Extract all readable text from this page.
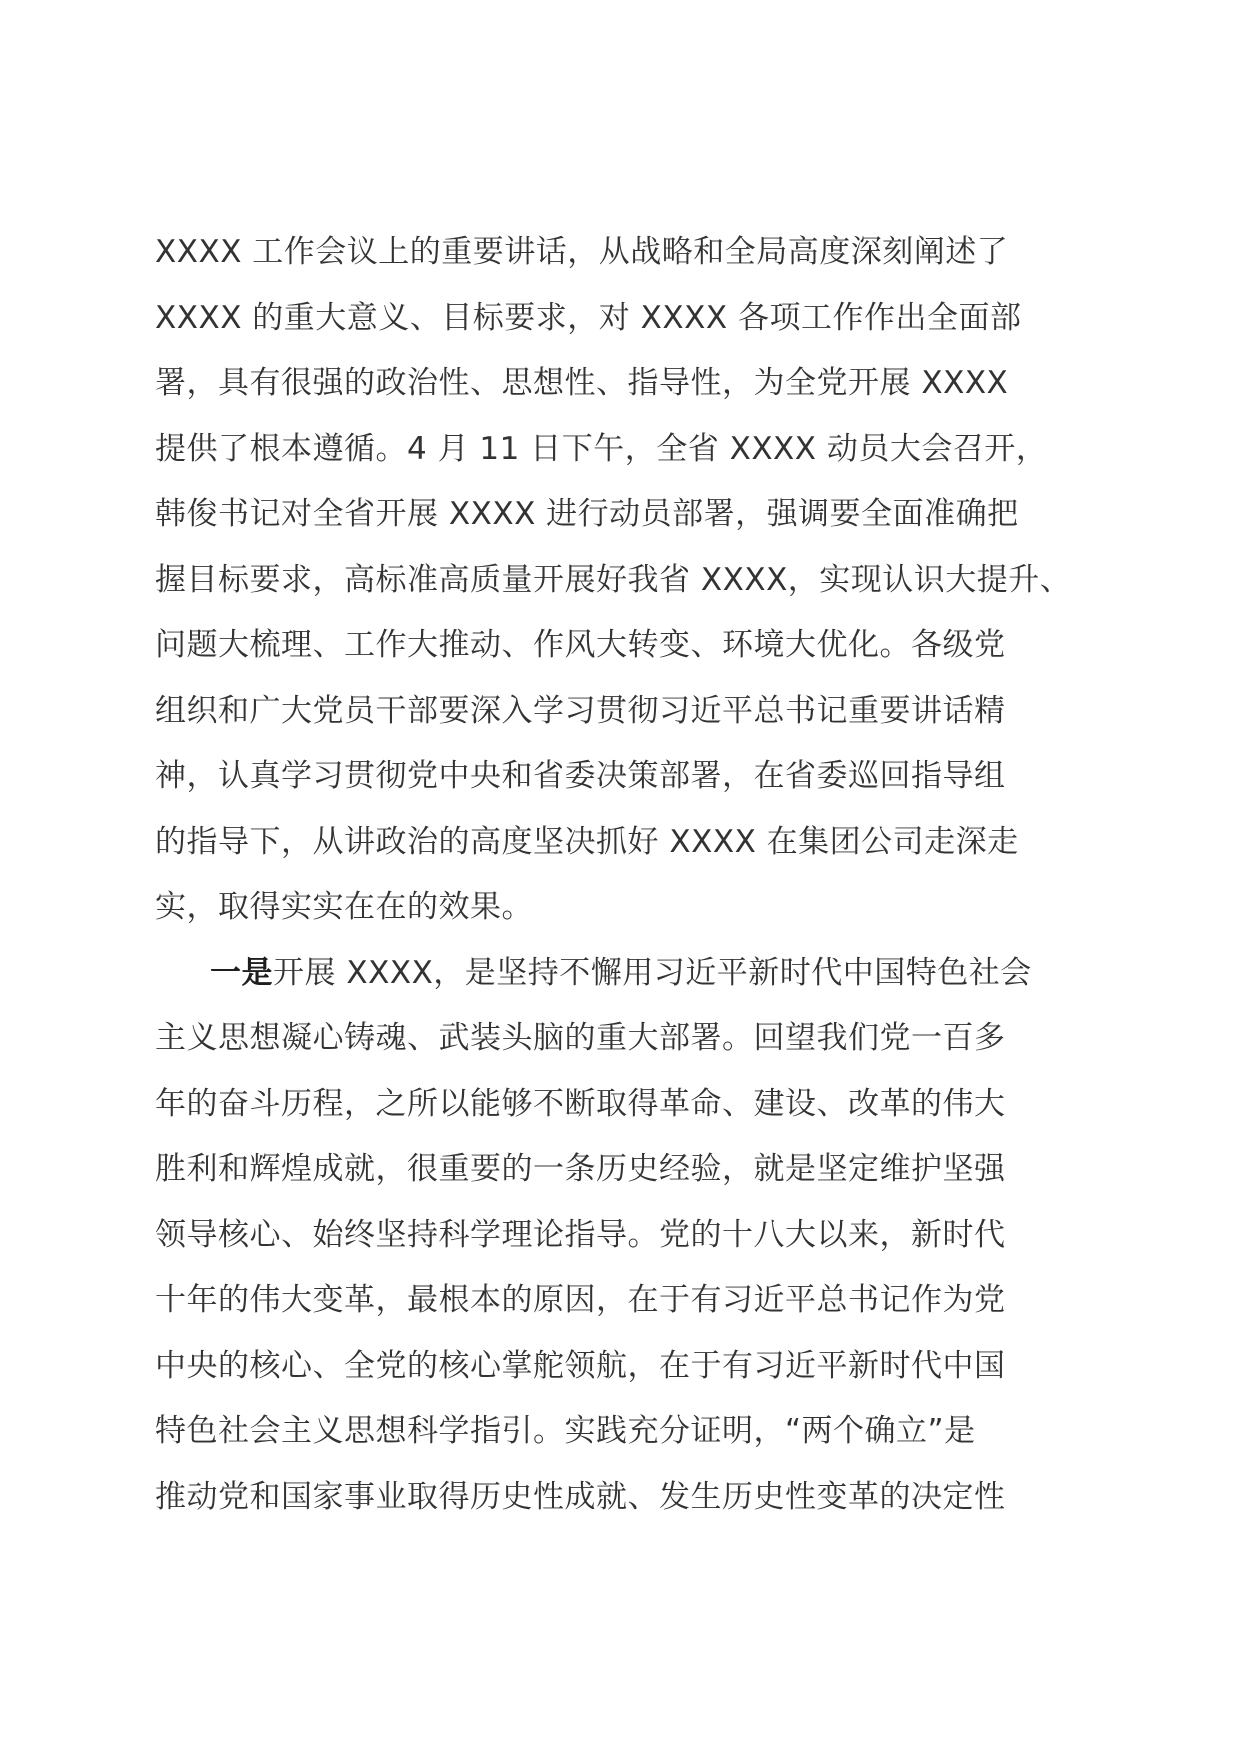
XXXX 工作会议上的重要讲话，从战略和全局高度深刻阐述了
XXXX 的重大意义、目标要求，对 XXXX 各项工作作出全面部
署，具有很强的政治性、思想性、指导性，为全党开展 XXXX
提供了根本遵循。4 月 11 日下午，全省 XXXX 动员大会召开，
韩俊书记对全省开展 XXXX 进行动员部署，强调要全面准确把
握目标要求，高标准高质量开展好我省 XXXX，实现认识大提升、
问题大梳理、工作大推动、作风大转变、环境大优化。各级党
组织和广大党员干部要深入学习贯彻习近平总书记重要讲话精
神，认真学习贯彻党中央和省委决策部署，在省委巡回指导组
的指导下，从讲政治的高度坚决抓好 XXXX 在集团公司走深走
实，取得实实在在的效果。
一是开展 XXXX，是坚持不懈用习近平新时代中国特色社会
主义思想凝心铸魂、武装头脑的重大部署。回望我们党一百多
年的奋斗历程，之所以能够不断取得革命、建设、改革的伟大
胜利和辉煌成就，很重要的一条历史经验，就是坚定维护坚强
领导核心、始终坚持科学理论指导。党的十八大以来，新时代
十年的伟大变革，最根本的原因，在于有习近平总书记作为党
中央的核心、全党的核心掌舵领航，在于有习近平新时代中国
特色社会主义思想科学指引。实践充分证明，“两个确立”是
推动党和国家事业取得历史性成就、发生历史性变革的决定性
